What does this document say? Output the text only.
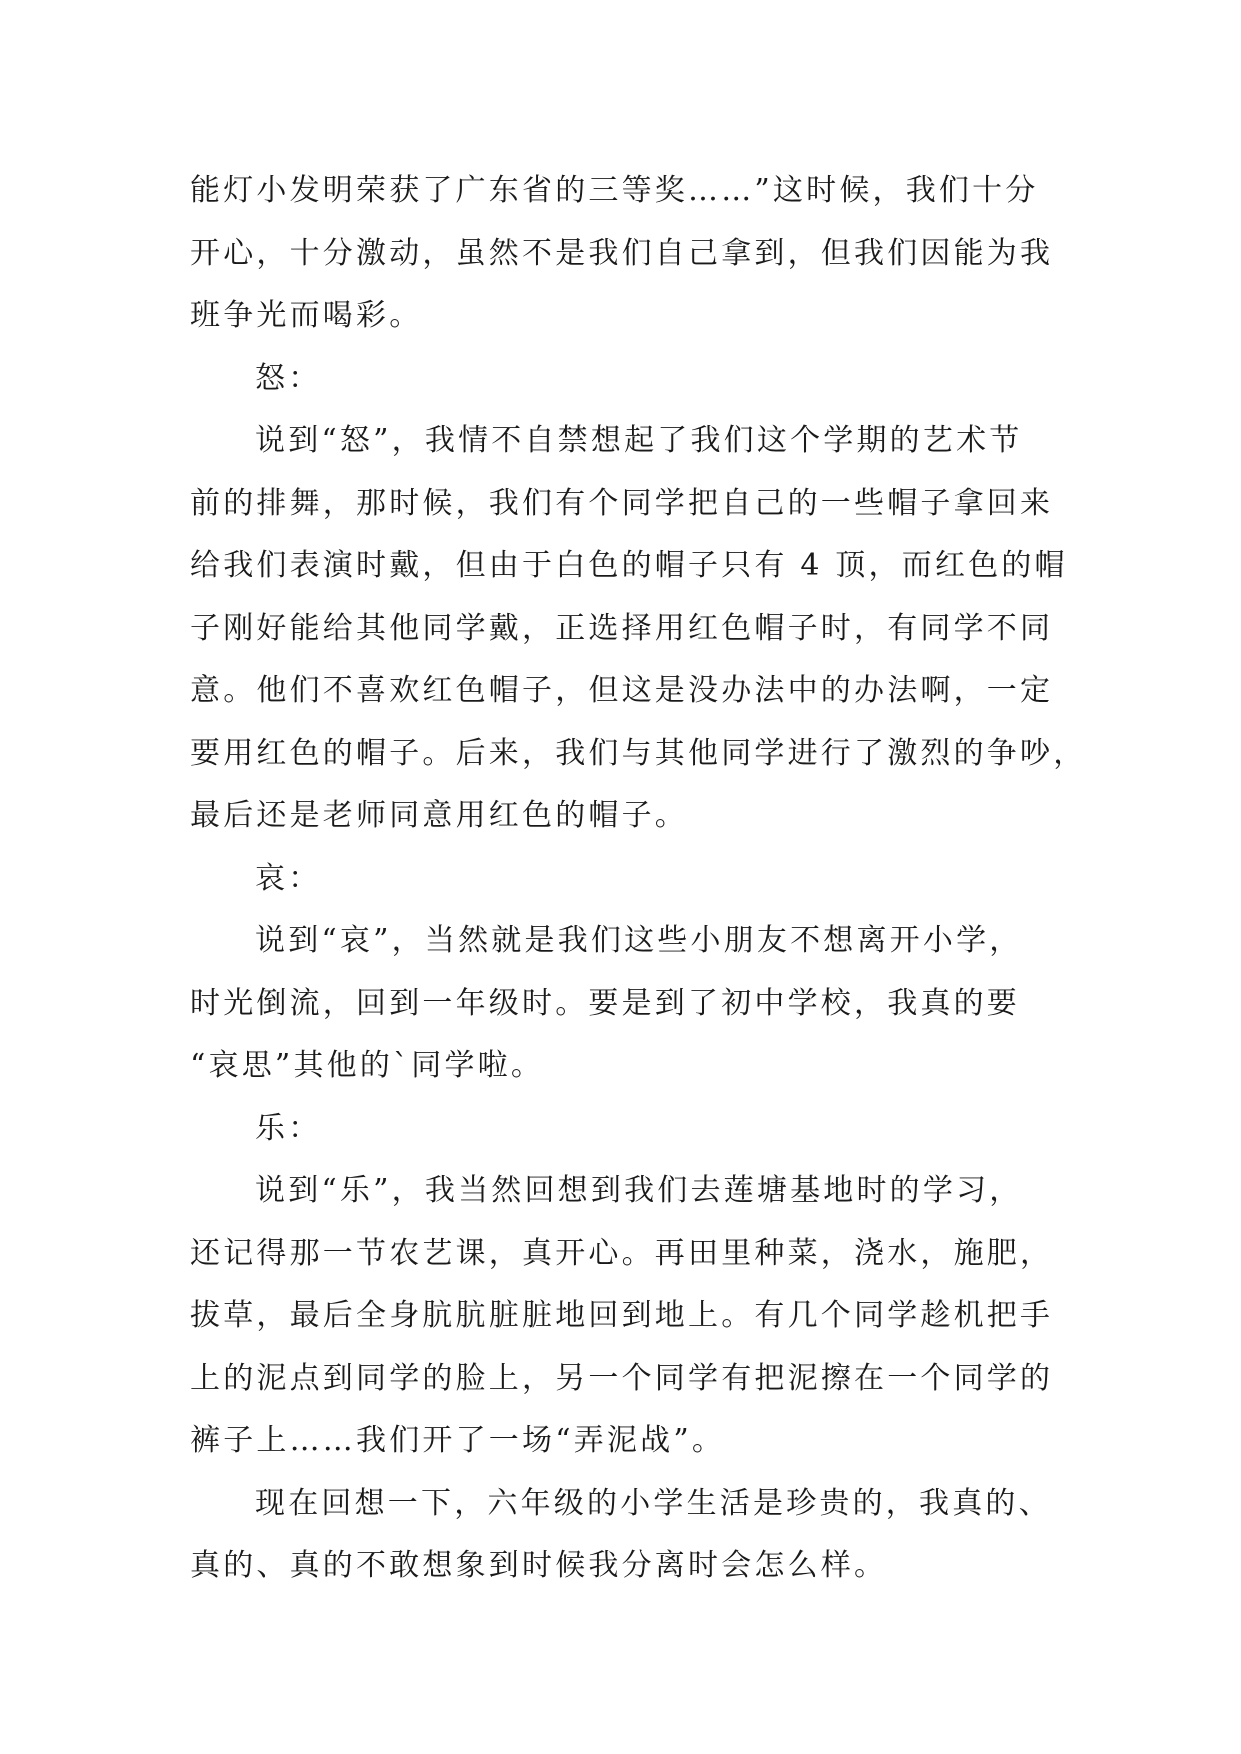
能灯小发明荣获了广东省的三等奖……”这时候，我们十分
开心，十分激动，虽然不是我们自己拿到，但我们因能为我
班争光而喝彩。
怒：
说到“怒”，我情不自禁想起了我们这个学期的艺术节
前的排舞，那时候，我们有个同学把自己的一些帽子拿回来
给我们表演时戴，但由于白色的帽子只有 4 顶，而红色的帽
子刚好能给其他同学戴，正选择用红色帽子时，有同学不同
意。他们不喜欢红色帽子，但这是没办法中的办法啊，一定
要用红色的帽子。后来，我们与其他同学进行了激烈的争吵，
最后还是老师同意用红色的帽子。
哀：
说到“哀”，当然就是我们这些小朋友不想离开小学，
时光倒流，回到一年级时。要是到了初中学校，我真的要
“哀思”其他的`同学啦。
乐：
说到“乐”，我当然回想到我们去莲塘基地时的学习，
还记得那一节农艺课，真开心。再田里种菜，浇水，施肥，
拔草，最后全身肮肮脏脏地回到地上。有几个同学趁机把手
上的泥点到同学的脸上，另一个同学有把泥擦在一个同学的
裤子上……我们开了一场“弄泥战”。
现在回想一下，六年级的小学生活是珍贵的，我真的、
真的、真的不敢想象到时候我分离时会怎么样。
